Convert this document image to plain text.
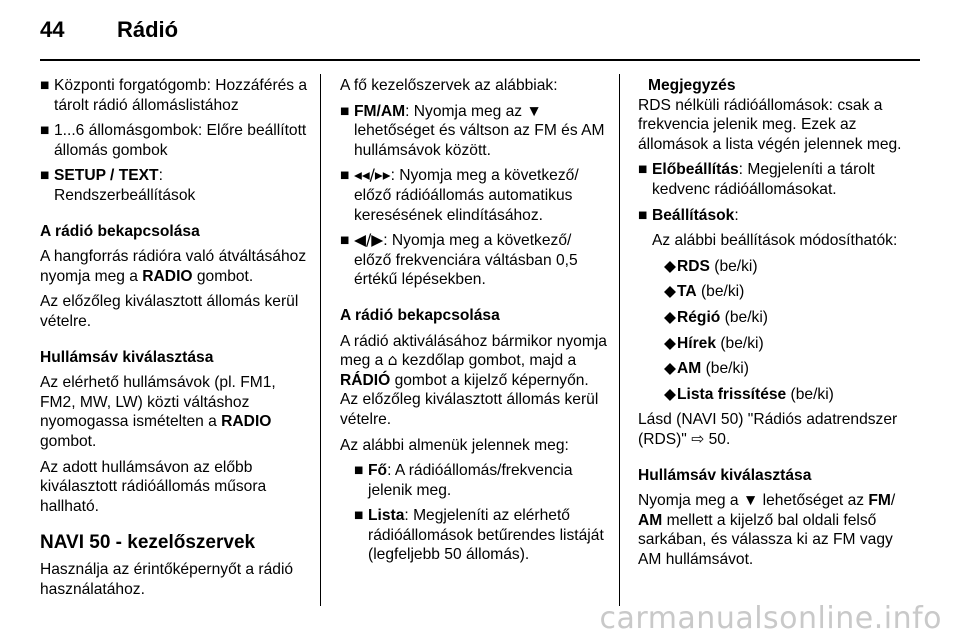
44 Rádió

■ Központi forgatógomb: Hozzáférés a tárolt rádió állomáslistához

■ 1...6 állomásgombok: Előre beállított állomás gombok

■ SETUP / TEXT:
Rendszerbeállítások

A rádió bekapcsolása

A hangforrás rádióra való átváltásához nyomja meg a RADIO gombot.

Az előzőleg kiválasztott állomás kerül vételre.

Hullámsáv kiválasztása

Az elérhető hullámsávok (pl. FM1, FM2, MW, LW) közti váltáshoz nyomogassa ismételten a RADIO gombot.

Az adott hullámsávon az előbb kiválasztott rádióállomás műsora hallható.

NAVI 50 - kezelőszervek

Használja az érintőképernyőt a rádió használatához.

A fő kezelőszervek az alábbiak:

■ FM/AM: Nyomja meg az ▼ lehetőséget és váltson az FM és AM hullámsávok között.

■ ◂◂/▸▸: Nyomja meg a következő/ előző rádióállomás automatikus keresésének elindításához.

■ ◀/▶: Nyomja meg a következő/ előző frekvenciára váltásban 0,5 értékű lépésekben.

A rádió bekapcsolása

A rádió aktiválásához bármikor nyomja meg a ⌂ kezdőlap gombot, majd a RÁDIÓ gombot a kijelző képernyőn. Az előzőleg kiválasztott állomás kerül vételre.

Az alábbi almenük jelennek meg:

■ Fő: A rádióállomás/frekvencia jelenik meg.

■ Lista: Megjeleníti az elérhető rádióállomások betűrendes listáját (legfeljebb 50 állomás).

Megjegyzés

RDS nélküli rádióállomások: csak a frekvencia jelenik meg. Ezek az állomások a lista végén jelennek meg.

■ Előbeállítás: Megjeleníti a tárolt kedvenc rádióállomásokat.

■ Beállítások:

Az alábbi beállítások módosíthatók:

◆RDS (be/ki)

◆TA (be/ki)

◆Régió (be/ki)

◆Hírek (be/ki)

◆AM (be/ki)

◆Lista frissítése (be/ki)

Lásd (NAVI 50) "Rádiós adatrendszer (RDS)" ⇨ 50.

Hullámsáv kiválasztása

Nyomja meg a ▼ lehetőséget az FM/
AM mellett a kijelző bal oldali felső sarkában, és válassza ki az FM vagy AM hullámsávot.

carmanualsonline.info
